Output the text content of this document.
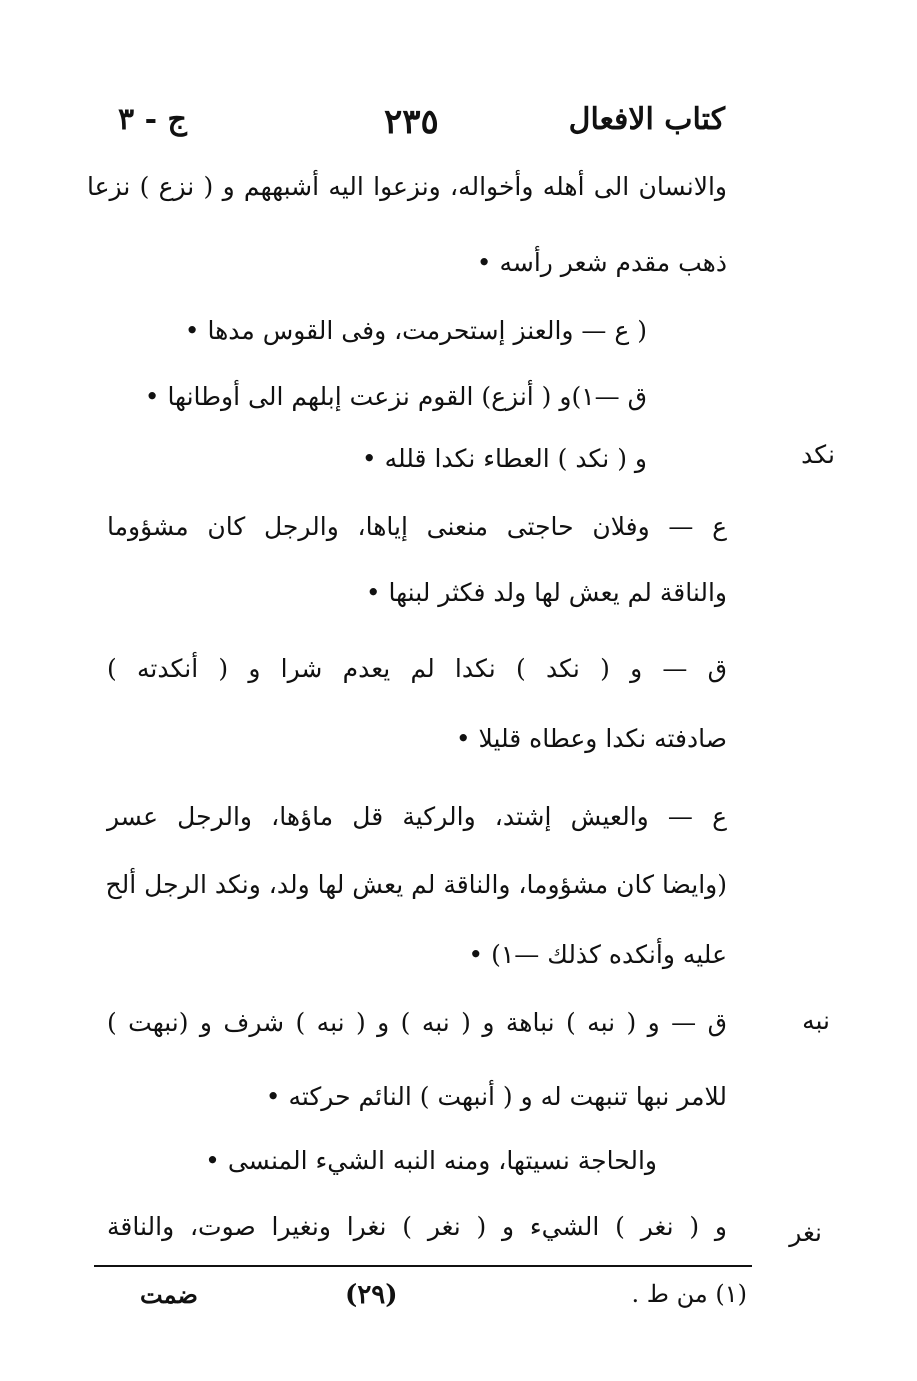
كتاب الافعال
٢٣٥
ج - ٣
والانسان الى أهله وأخواله، ونزعوا اليه أشبههم و ( نزع ) نزعا
ذهب مقدم شعر رأسه •
( ع — والعنز إستحرمت، وفى القوس مدها •
ق —١)و ( أنزع) القوم نزعت إبلهم الى أوطانها •
و ( نكد ) العطاء نكدا قلله •
ع — وفلان حاجتى منعنى إياها، والرجل كان مشؤوما
والناقة لم يعش لها ولد فكثر لبنها •
ق — و ( نكد ) نكدا لم يعدم شرا و ( أنكدته )
صادفته نكدا وعطاه قليلا •
ع — والعيش إشتد، والركية قل ماؤها، والرجل عسر
(وايضا كان مشؤوما، والناقة لم يعش لها ولد، ونكد الرجل ألح
عليه وأنكده كذلك —١) •
ق — و ( نبه ) نباهة و ( نبه ) و ( نبه ) شرف و (نبهت )
للامر نبها تنبهت له و ( أنبهت ) النائم حركته •
والحاجة نسيتها، ومنه النبه الشيء المنسى •
و ( نغر ) الشيء و ( نغر ) نغرا ونغيرا صوت، والناقة
نكد
نبه
نغر
(١) من ط .
(٢٩)
ضمت
